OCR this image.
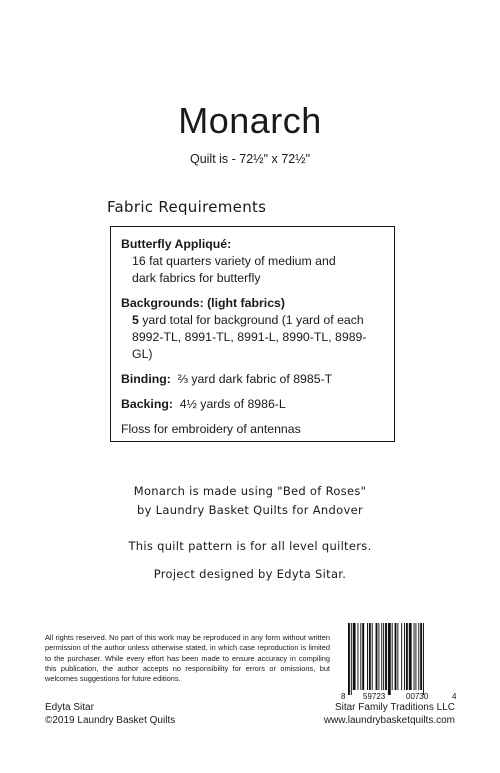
Monarch
Quilt is - 72½" x 72½"
Fabric Requirements
Butterfly Appliqué:
16 fat quarters variety of medium and
dark fabrics for butterfly
Backgrounds: (light fabrics)
5 yard total for background (1 yard of each
8992-TL, 8991-TL, 8991-L, 8990-TL, 8989-GL)
Binding: ⅔ yard dark fabric of 8985-T
Backing: 4½ yards of 8986-L
Floss for embroidery of antennas
Monarch is made using "Bed of Roses"
by Laundry Basket Quilts for Andover
This quilt pattern is for all level quilters.
Project designed by Edyta Sitar.
All rights reserved. No part of this work may be reproduced in any form without written permission of the author unless otherwise stated, in which case reproduction is limited to the purchaser. While every effort has been made to ensure accuracy in compiling this publication, the author accepts no responsibility for errors or omissions, but welcomes suggestions for future editions.
8 59723	00730	4
Edyta Sitar
©2019 Laundry Basket Quilts
Sitar Family Traditions LLC
www.laundrybasketquilts.com
